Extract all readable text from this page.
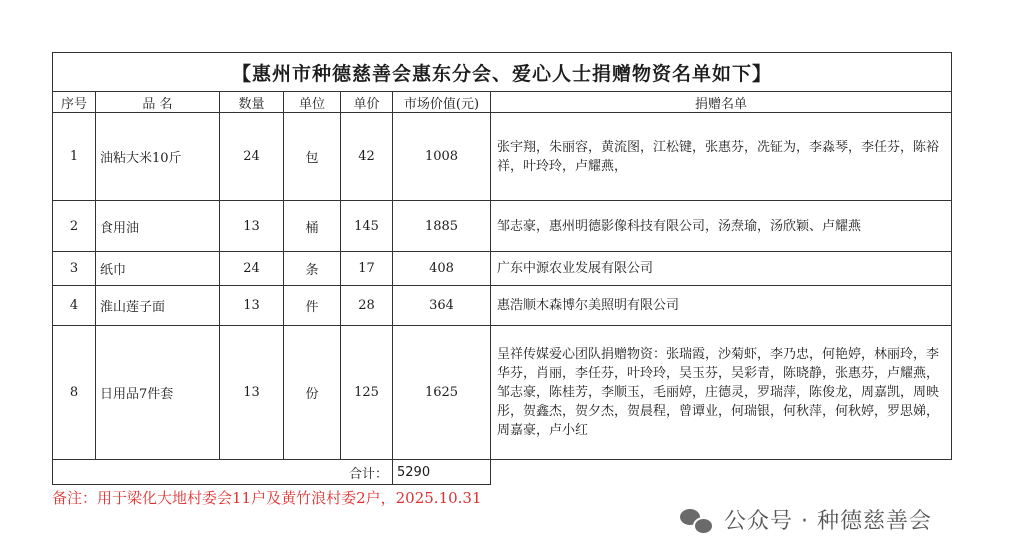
【惠州市种德慈善会惠东分会、爱心人士捐赠物资名单如下】						
序号	品 名	数量	单位	单价	市场价值(元)	捐赠名单
1	油粘大米10斤	24	包	42	1008	张宇翔，朱丽容，黄流图，江松键，张惠芬，冼钲为，李淼琴，李任芬，陈裕祥，叶玲玲，卢耀燕，
2	食用油	13	桶	145	1885	邹志豪，惠州明德影像科技有限公司，汤焘瑜，汤欣颖、卢耀燕
3	纸巾	24	条	17	408	广东中源农业发展有限公司
4	淮山莲子面	13	件	28	364	惠浩顺木森博尔美照明有限公司
8	日用品7件套	13	份	125	1625	呈祥传媒爱心团队捐赠物资：张瑞霞，沙菊虾，李乃忠，何艳婷，林丽玲，李华芬，肖丽，李任芬，叶玲玲，吴玉芬，吴彩青，陈晓静，张惠芬，卢耀燕，邹志豪，陈桂芳，李顺玉，毛丽婷，庄德灵，罗瑞萍，陈俊龙，周嘉凯，周映彤，贺鑫杰，贺夕杰，贺晨程，曾谭业，何瑞银，何秋萍，何秋婷，罗思娣，周嘉豪，卢小红
合计：					5290	
备注：用于梁化大地村委会11户及黄竹浪村委2户，2025.10.31
公众号 · 种德慈善会
